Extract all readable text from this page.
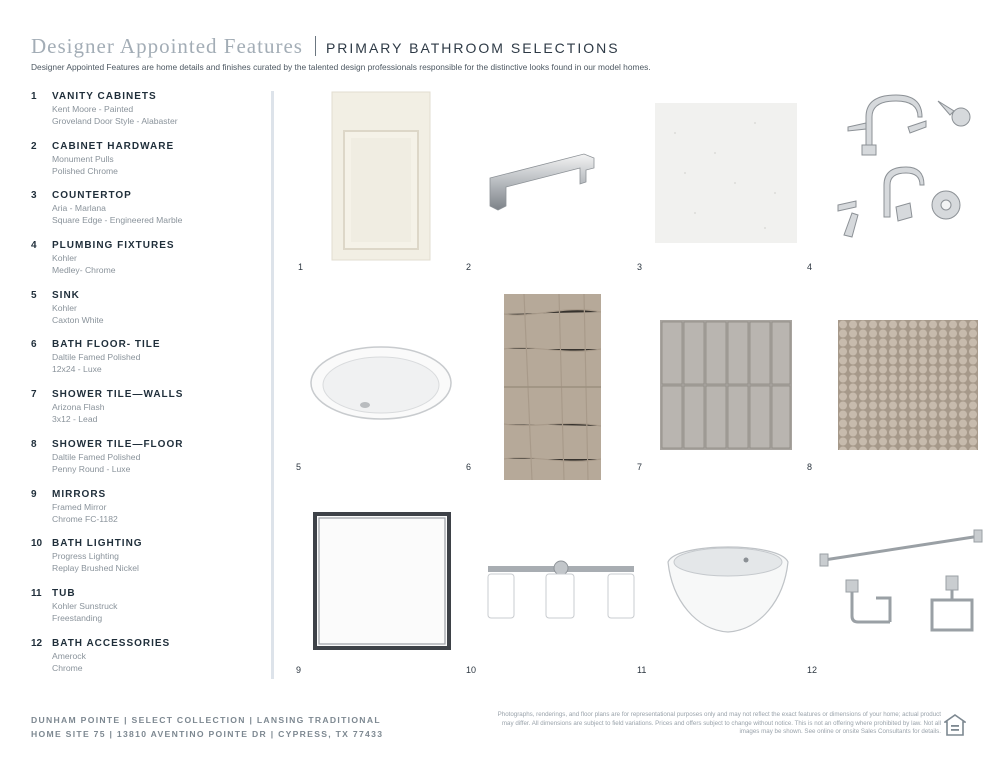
Designer Appointed Features PRIMARY BATHROOM SELECTIONS
Designer Appointed Features are home details and finishes curated by the talented design professionals responsible for the distinctive looks found in our model homes.
1 VANITY CABINETS
Kent Moore - Painted
Groveland Door Style - Alabaster
2 CABINET HARDWARE
Monument Pulls
Polished Chrome
3 COUNTERTOP
Aria - Marlana
Square Edge - Engineered Marble
4 PLUMBING FIXTURES
Kohler
Medley- Chrome
5 SINK
Kohler
Caxton White
6 BATH FLOOR- TILE
Daltile Famed Polished
12x24 - Luxe
7 SHOWER TILE—WALLS
Arizona Flash
3x12 - Lead
8 SHOWER TILE—FLOOR
Daltile Famed Polished
Penny Round - Luxe
9 MIRRORS
Framed Mirror
Chrome FC-1182
10 BATH LIGHTING
Progress Lighting
Replay Brushed Nickel
11 TUB
Kohler Sunstruck
Freestanding
12 BATH ACCESSORIES
Amerock
Chrome
1	2	3	4
5	6	7	8
9	10	11	12
DUNHAM POINTE | SELECT COLLECTION | LANSING TRADITIONAL
HOME SITE 75 | 13810 AVENTINO POINTE DR | CYPRESS, TX 77433
Photographs, renderings, and floor plans are for representational purposes only and may not reflect the exact features or dimensions of your home; actual product may differ. All dimensions are subject to field variations. Prices and offers subject to change without notice. This is not an offering where prohibited by law. Not all images may be shown. See online or onsite Sales Consultants for details.
